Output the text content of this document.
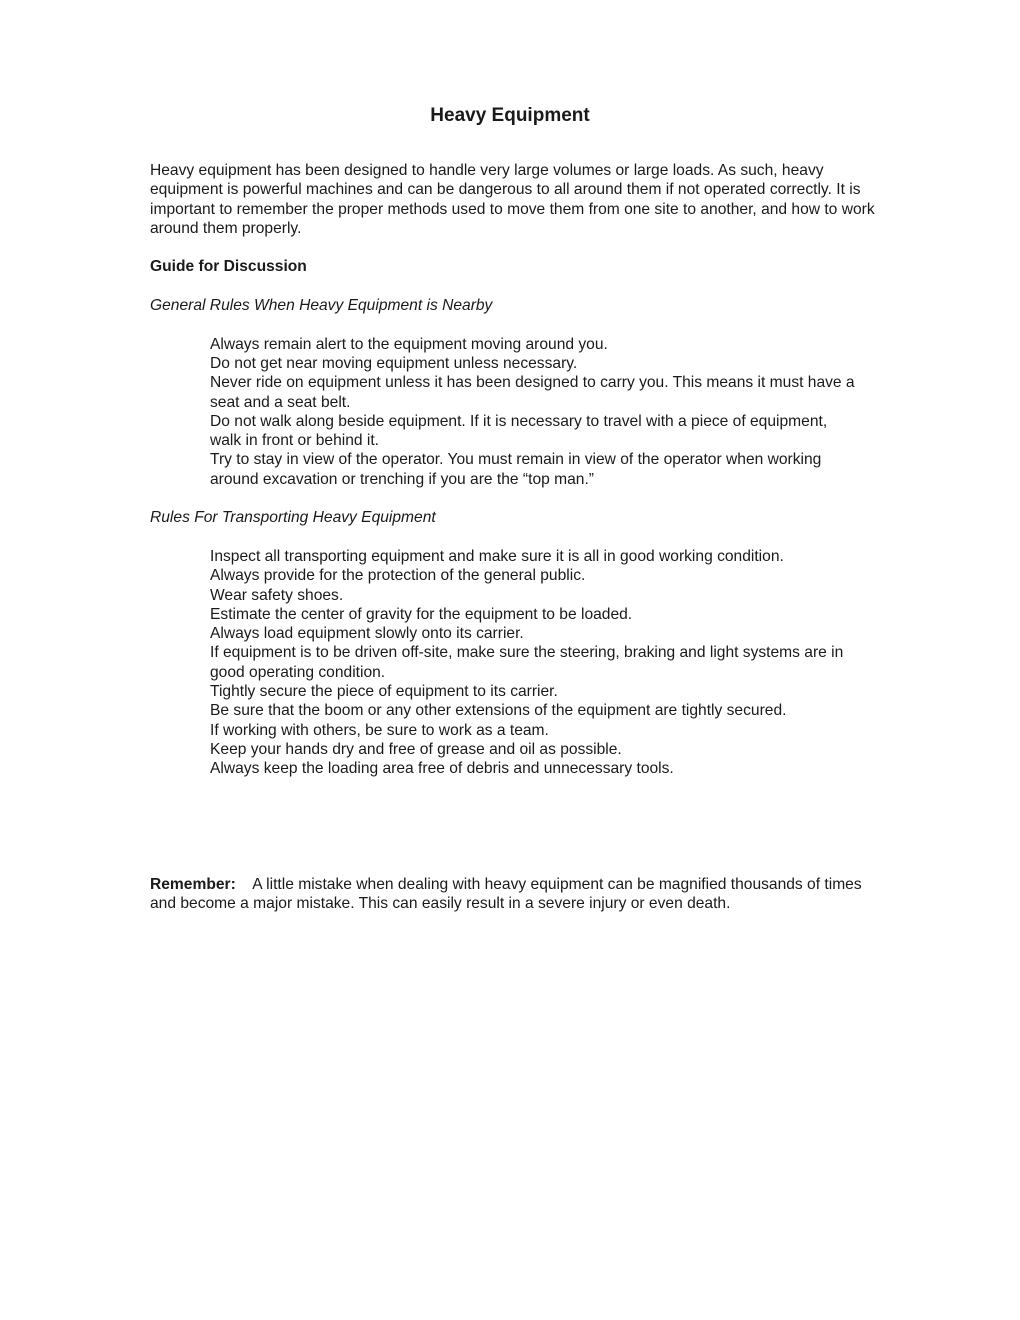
Heavy Equipment

Heavy equipment has been designed to handle very large volumes or large loads. As such, heavy equipment is powerful machines and can be dangerous to all around them if not operated correctly. It is important to remember the proper methods used to move them from one site to another, and how to work around them properly.

Guide for Discussion

General Rules When Heavy Equipment is Nearby

Always remain alert to the equipment moving around you.
Do not get near moving equipment unless necessary.
Never ride on equipment unless it has been designed to carry you. This means it must have a seat and a seat belt.
Do not walk along beside equipment. If it is necessary to travel with a piece of equipment, walk in front or behind it.
Try to stay in view of the operator. You must remain in view of the operator when working around excavation or trenching if you are the “top man.”

Rules For Transporting Heavy Equipment

Inspect all transporting equipment and make sure it is all in good working condition.
Always provide for the protection of the general public.
Wear safety shoes.
Estimate the center of gravity for the equipment to be loaded.
Always load equipment slowly onto its carrier.
If equipment is to be driven off-site, make sure the steering, braking and light systems are in good operating condition.
Tightly secure the piece of equipment to its carrier.
Be sure that the boom or any other extensions of the equipment are tightly secured.
If working with others, be sure to work as a team.
Keep your hands dry and free of grease and oil as possible.
Always keep the loading area free of debris and unnecessary tools.

Remember: A little mistake when dealing with heavy equipment can be magnified thousands of times and become a major mistake. This can easily result in a severe injury or even death.
